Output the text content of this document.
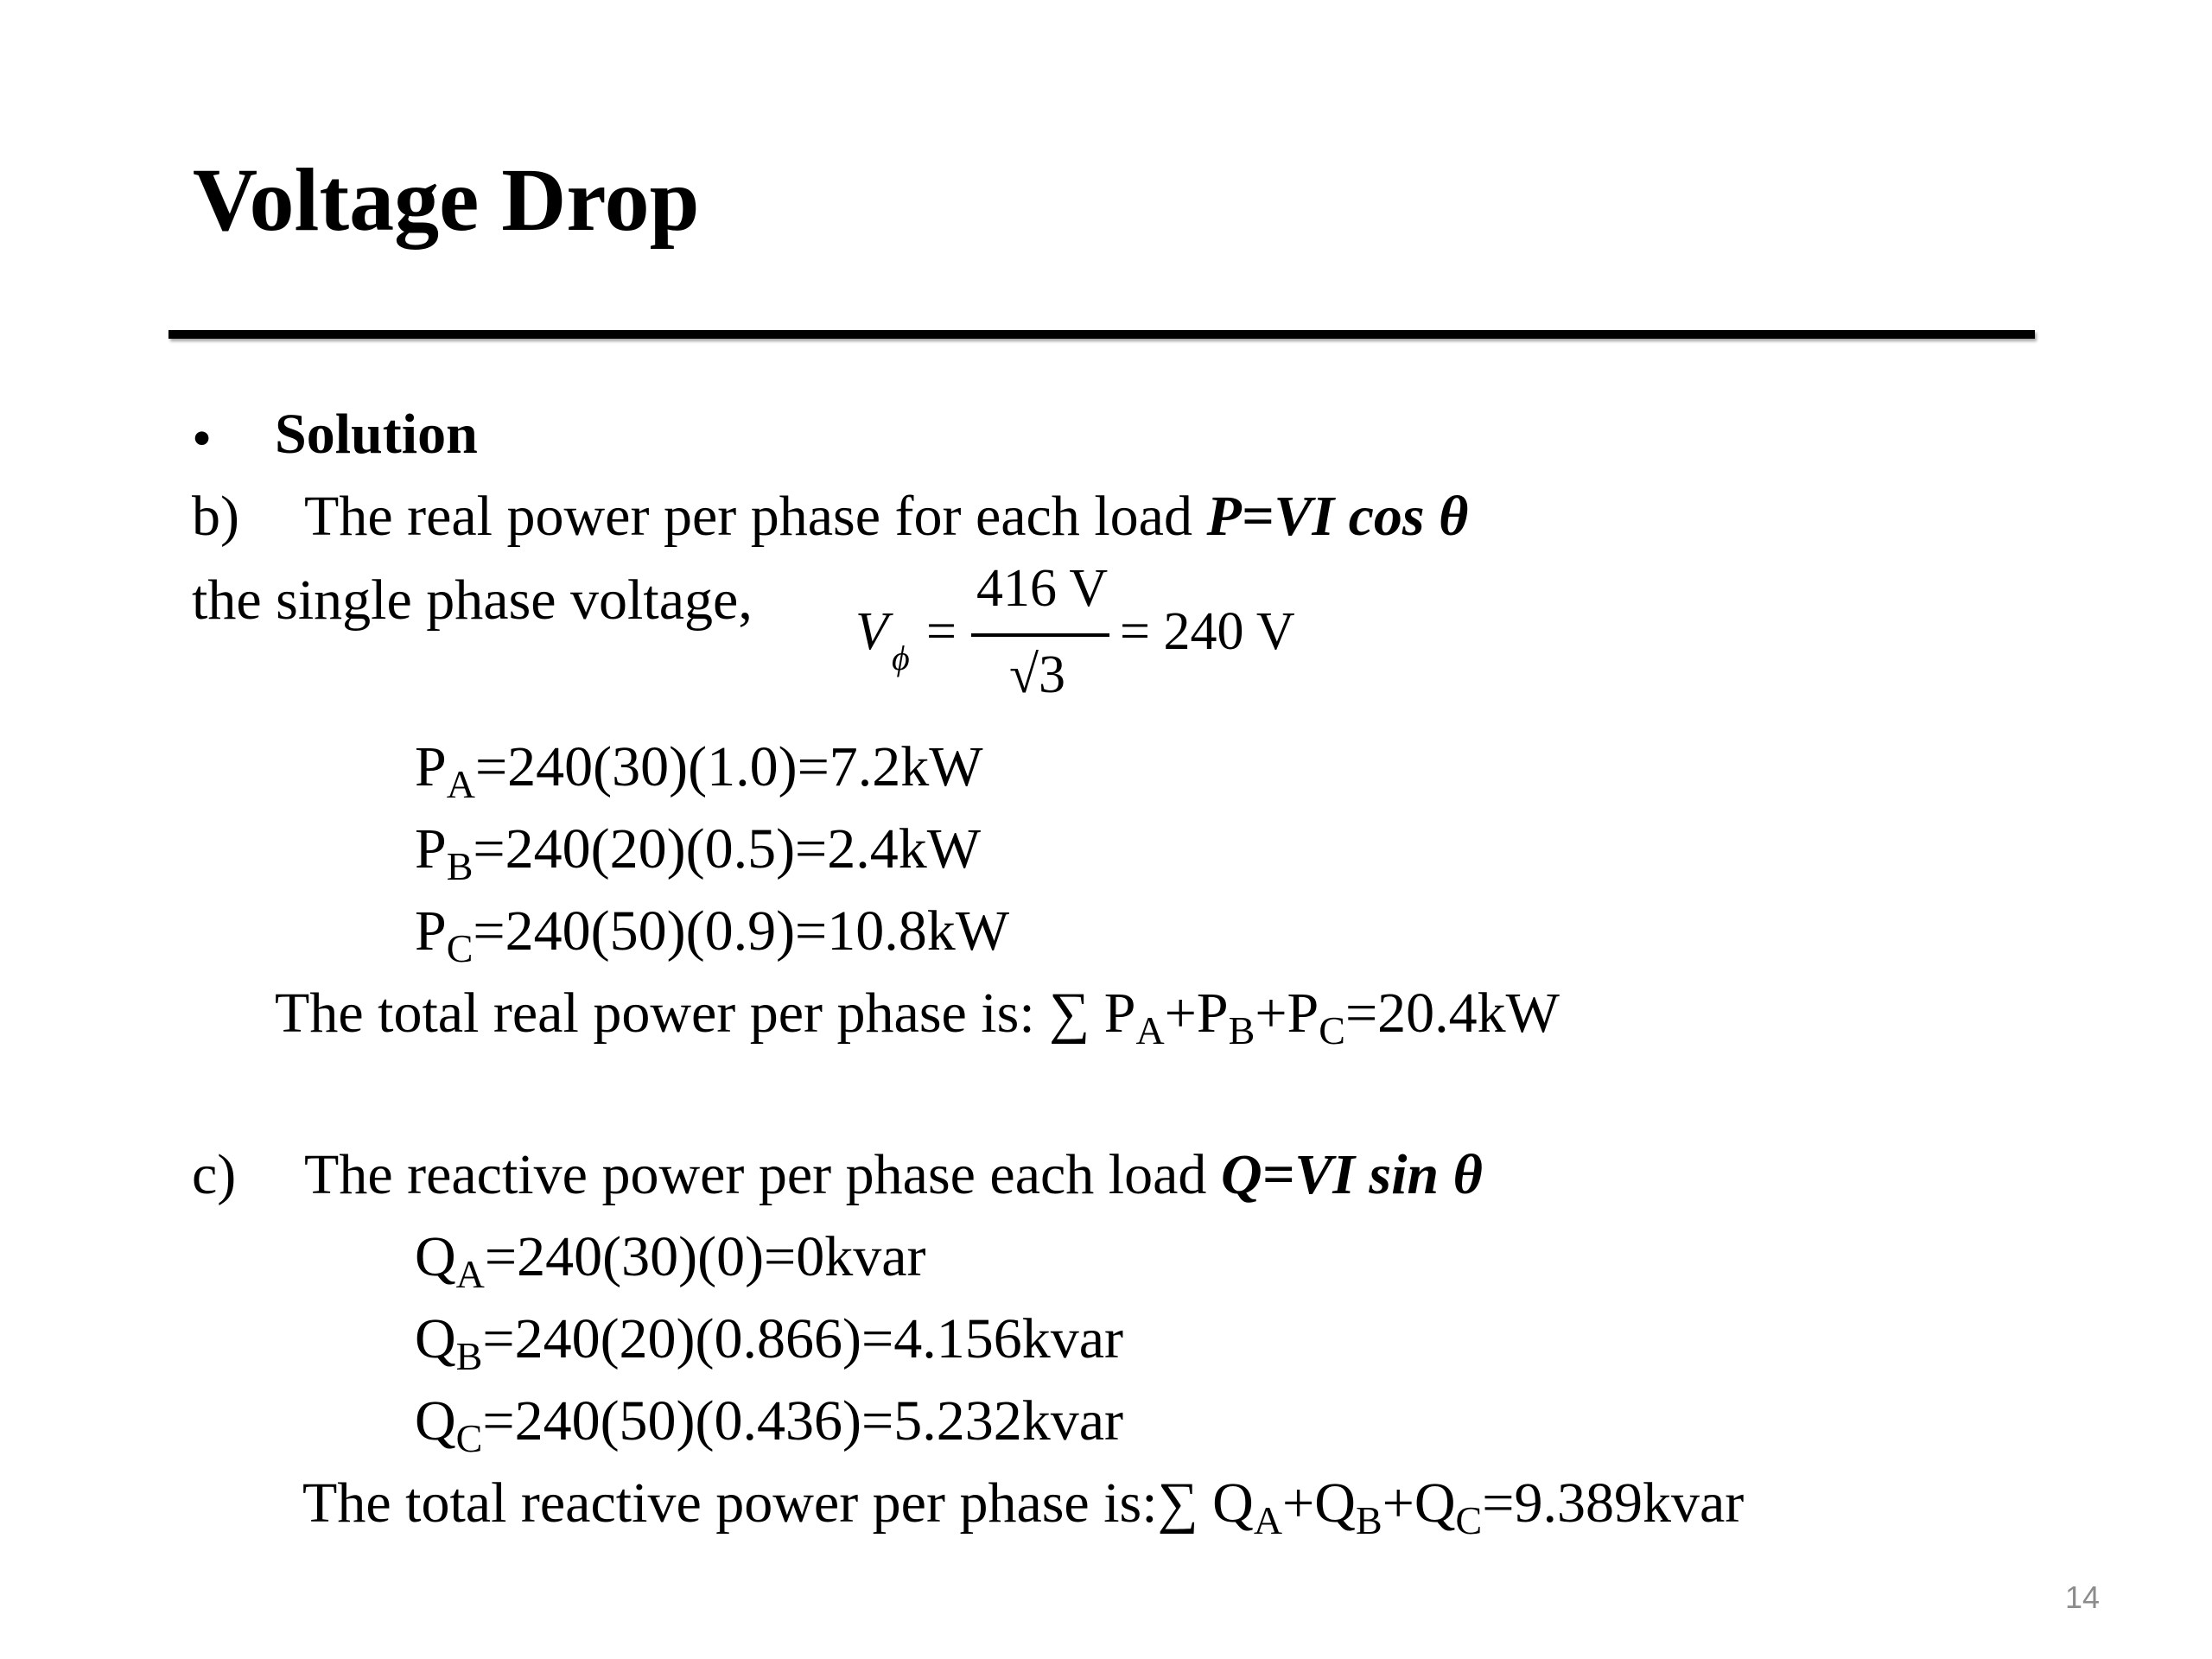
Voltage Drop
• Solution
b) The real power per phase for each load P=VI cos θ
the single phase voltage, V ϕ =
416 V
√3
= 240 V
$P_A=240(30)(1.0)=7.2kW$
$P_B=240(20)(0.5)=2.4kW$
$P_C=240(50)(0.9)=10.8kW$
The total real power per phase is: ∑ $P_A+P_B+P_C=20.4kW$
c) The reactive power per phase each load Q=VI sin θ
$Q_A=240(30)(0)=0kvar$
$Q_B=240(20)(0.866)=4.156kvar$
$Q_C=240(50)(0.436)=5.232kvar$
The total reactive power per phase is:∑ $Q_A+Q_B+Q_C=9.389kvar$
14
